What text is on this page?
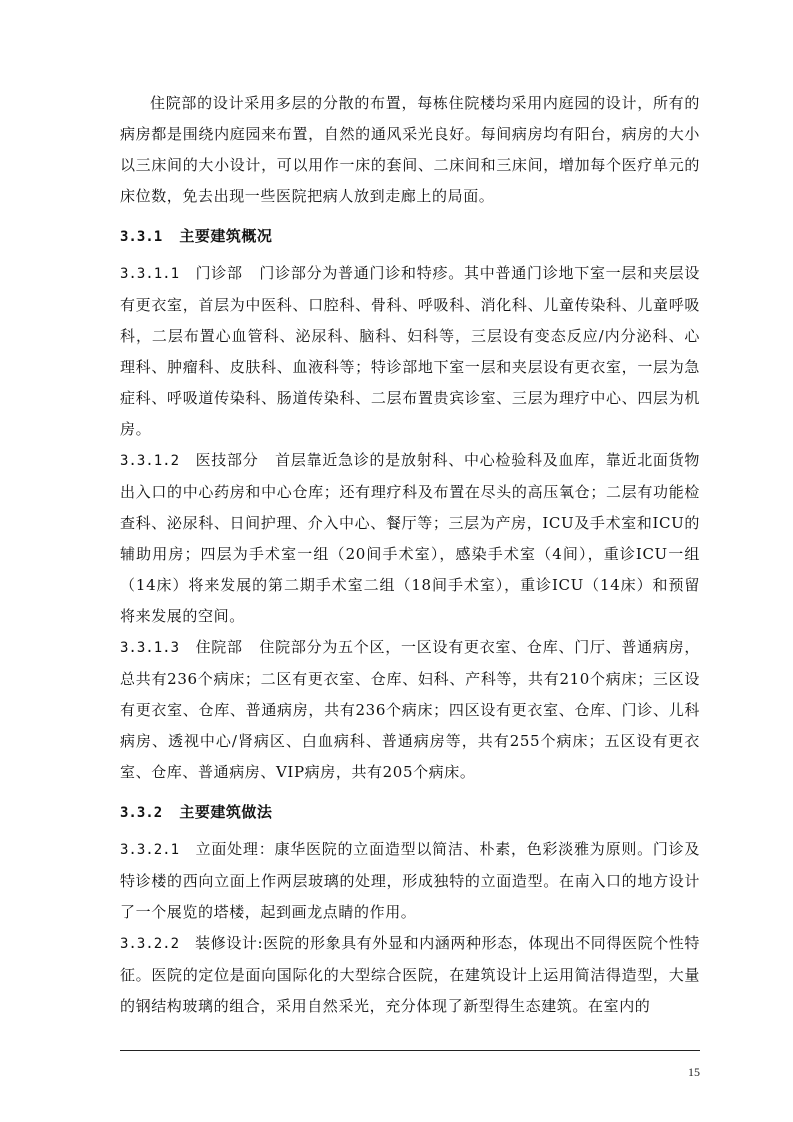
住院部的设计采用多层的分散的布置，每栋住院楼均采用内庭园的设计，所有的病房都是围绕内庭园来布置，自然的通风采光良好。每间病房均有阳台，病房的大小以三床间的大小设计，可以用作一床的套间、二床间和三床间，增加每个医疗单元的床位数，免去出现一些医院把病人放到走廊上的局面。

3.3.1 主要建筑概况

3.3.1.1 门诊部 门诊部分为普通门诊和特疹。其中普通门诊地下室一层和夹层设有更衣室，首层为中医科、口腔科、骨科、呼吸科、消化科、儿童传染科、儿童呼吸科，二层布置心血管科、泌尿科、脑科、妇科等，三层设有变态反应/内分泌科、心理科、肿瘤科、皮肤科、血液科等；特诊部地下室一层和夹层设有更衣室，一层为急症科、呼吸道传染科、肠道传染科、二层布置贵宾诊室、三层为理疗中心、四层为机房。

3.3.1.2 医技部分 首层靠近急诊的是放射科、中心检验科及血库，靠近北面货物出入口的中心药房和中心仓库；还有理疗科及布置在尽头的高压氧仓；二层有功能检查科、泌尿科、日间护理、介入中心、餐厅等；三层为产房，ICU及手术室和ICU的辅助用房；四层为手术室一组（20间手术室），感染手术室（4间），重诊ICU一组（14床）将来发展的第二期手术室二组（18间手术室），重诊ICU（14床）和预留将来发展的空间。

3.3.1.3 住院部 住院部分为五个区，一区设有更衣室、仓库、门厅、普通病房，总共有236个病床；二区有更衣室、仓库、妇科、产科等，共有210个病床；三区设有更衣室、仓库、普通病房，共有236个病床；四区设有更衣室、仓库、门诊、儿科病房、透视中心/肾病区、白血病科、普通病房等，共有255个病床；五区设有更衣室、仓库、普通病房、VIP病房，共有205个病床。

3.3.2 主要建筑做法

3.3.2.1 立面处理：康华医院的立面造型以简洁、朴素，色彩淡雅为原则。门诊及特诊楼的西向立面上作两层玻璃的处理，形成独特的立面造型。在南入口的地方设计了一个展览的塔楼，起到画龙点睛的作用。

3.3.2.2 装修设计:医院的形象具有外显和内涵两种形态，体现出不同得医院个性特征。医院的定位是面向国际化的大型综合医院，在建筑设计上运用简洁得造型，大量的钢结构玻璃的组合，采用自然采光，充分体现了新型得生态建筑。在室内的

15
